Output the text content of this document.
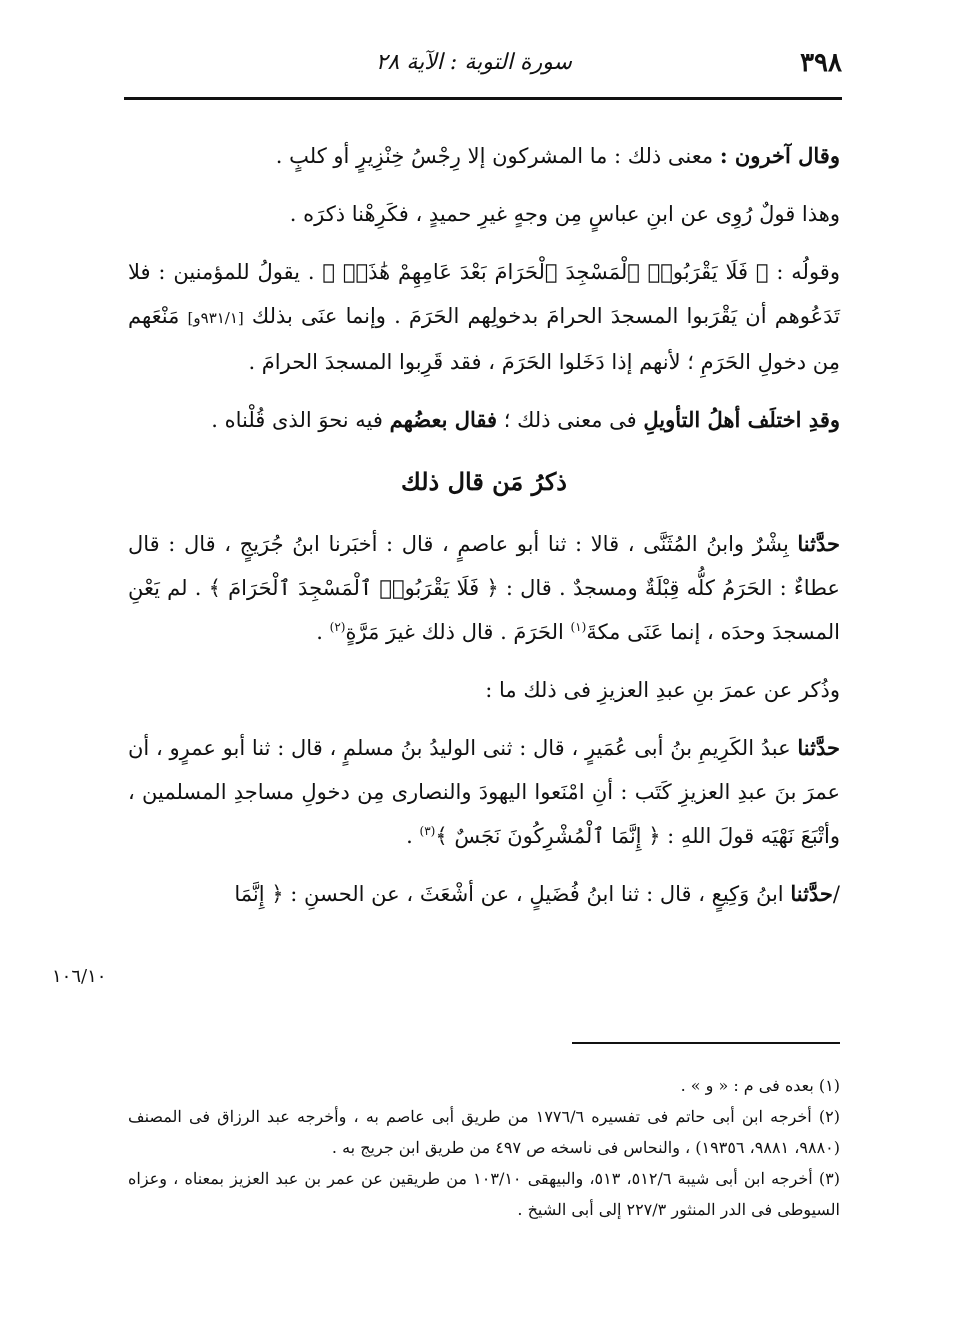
٣٩٨
سورة التوبة : الآية ٢٨

وقال آخرون : معنى ذلك : ما المشركون إلا رِجْسُ خِنْزِيرٍ أو كلبٍ .

وهذا قولٌ رُوِى عن ابنِ عباسٍ مِن وجهٍ غيرِ حميدٍ ، فكَرِهْنا ذكرَه .

وقولُه : ﴿ فَلَا يَقْرَبُوا۟ ٱلْمَسْجِدَ ٱلْحَرَامَ بَعْدَ عَامِهِمْ هَٰذَاۚ ﴾ . يقولُ للمؤمنين : فلا تَدَعُوهم أن يَقْرَبوا المسجدَ الحرامَ بدخولِهم الحَرَمَ . وإنما عنَى بذلك [٩٣١/١و] مَنْعَهم مِن دخولِ الحَرَمِ ؛ لأنهم إذا دَخَلوا الحَرَمَ ، فقد قَرِبوا المسجدَ الحرامَ .

وقدِ اختلَف أهلُ التأويلِ فى معنى ذلك ؛ فقال بعضُهم فيه نحوَ الذى قُلْناه .

ذكرُ مَن قال ذلك

حدَّثنا بِشْرٌ وابنُ المُثَنَّى ، قالا : ثنا أبو عاصمٍ ، قال : أخبَرنا ابنُ جُرَيجٍ ، قال : قال عطاءٌ : الحَرَمُ كلُّه قِبْلَةٌ ومسجدٌ . قال : ﴿ فَلَا يَقْرَبُوا۟ ٱلْمَسْجِدَ ٱلْحَرَامَ ﴾ . لم يَعْنِ المسجدَ وحدَه ، إنما عَنَى مكةَ$^{(١)}$ الحَرَمَ . قال ذلك غيرَ مَرَّةٍ$^{(٢)}$ .

وذُكر عن عمرَ بنِ عبدِ العزيزِ فى ذلك ما :

حدَّثنا عبدُ الكَرِيمِ بنُ أبى عُمَيرٍ ، قال : ثنى الوليدُ بنُ مسلمٍ ، قال : ثنا أبو عمرٍو ، أن عمرَ بنَ عبدِ العزيزِ كَتَب : أنِ امْنَعوا اليهودَ والنصارى مِن دخولِ مساجدِ المسلمين ، وأتْبَعَ نَهْيَه قولَ اللهِ : ﴿ إِنَّمَا ٱلْمُشْرِكُونَ نَجَسٌ ﴾$^{(٣)}$ .

/حدَّثنا ابنُ وَكِيعٍ ، قال : ثنا ابنُ فُضَيلٍ ، عن أشْعَثَ ، عن الحسنِ : ﴿ إِنَّمَا

١٠٦/١٠

(١) بعده فى م : « و » .

(٢) أخرجه ابن أبى حاتم فى تفسيره ١٧٧٦/٦ من طريق أبى عاصم به ، وأخرجه عبد الرزاق فى المصنف (٩٨٨٠، ٩٨٨١، ١٩٣٥٦) ، والنحاس فى ناسخه ص ٤٩٧ من طريق ابن جريج به .

(٣) أخرجه ابن أبى شيبة ٥١٢/٦، ٥١٣، والبيهقى ١٠٣/١٠ من طريقين عن عمر بن عبد العزيز بمعناه ، وعزاه السيوطى فى الدر المنثور ٢٢٧/٣ إلى أبى الشيخ .
